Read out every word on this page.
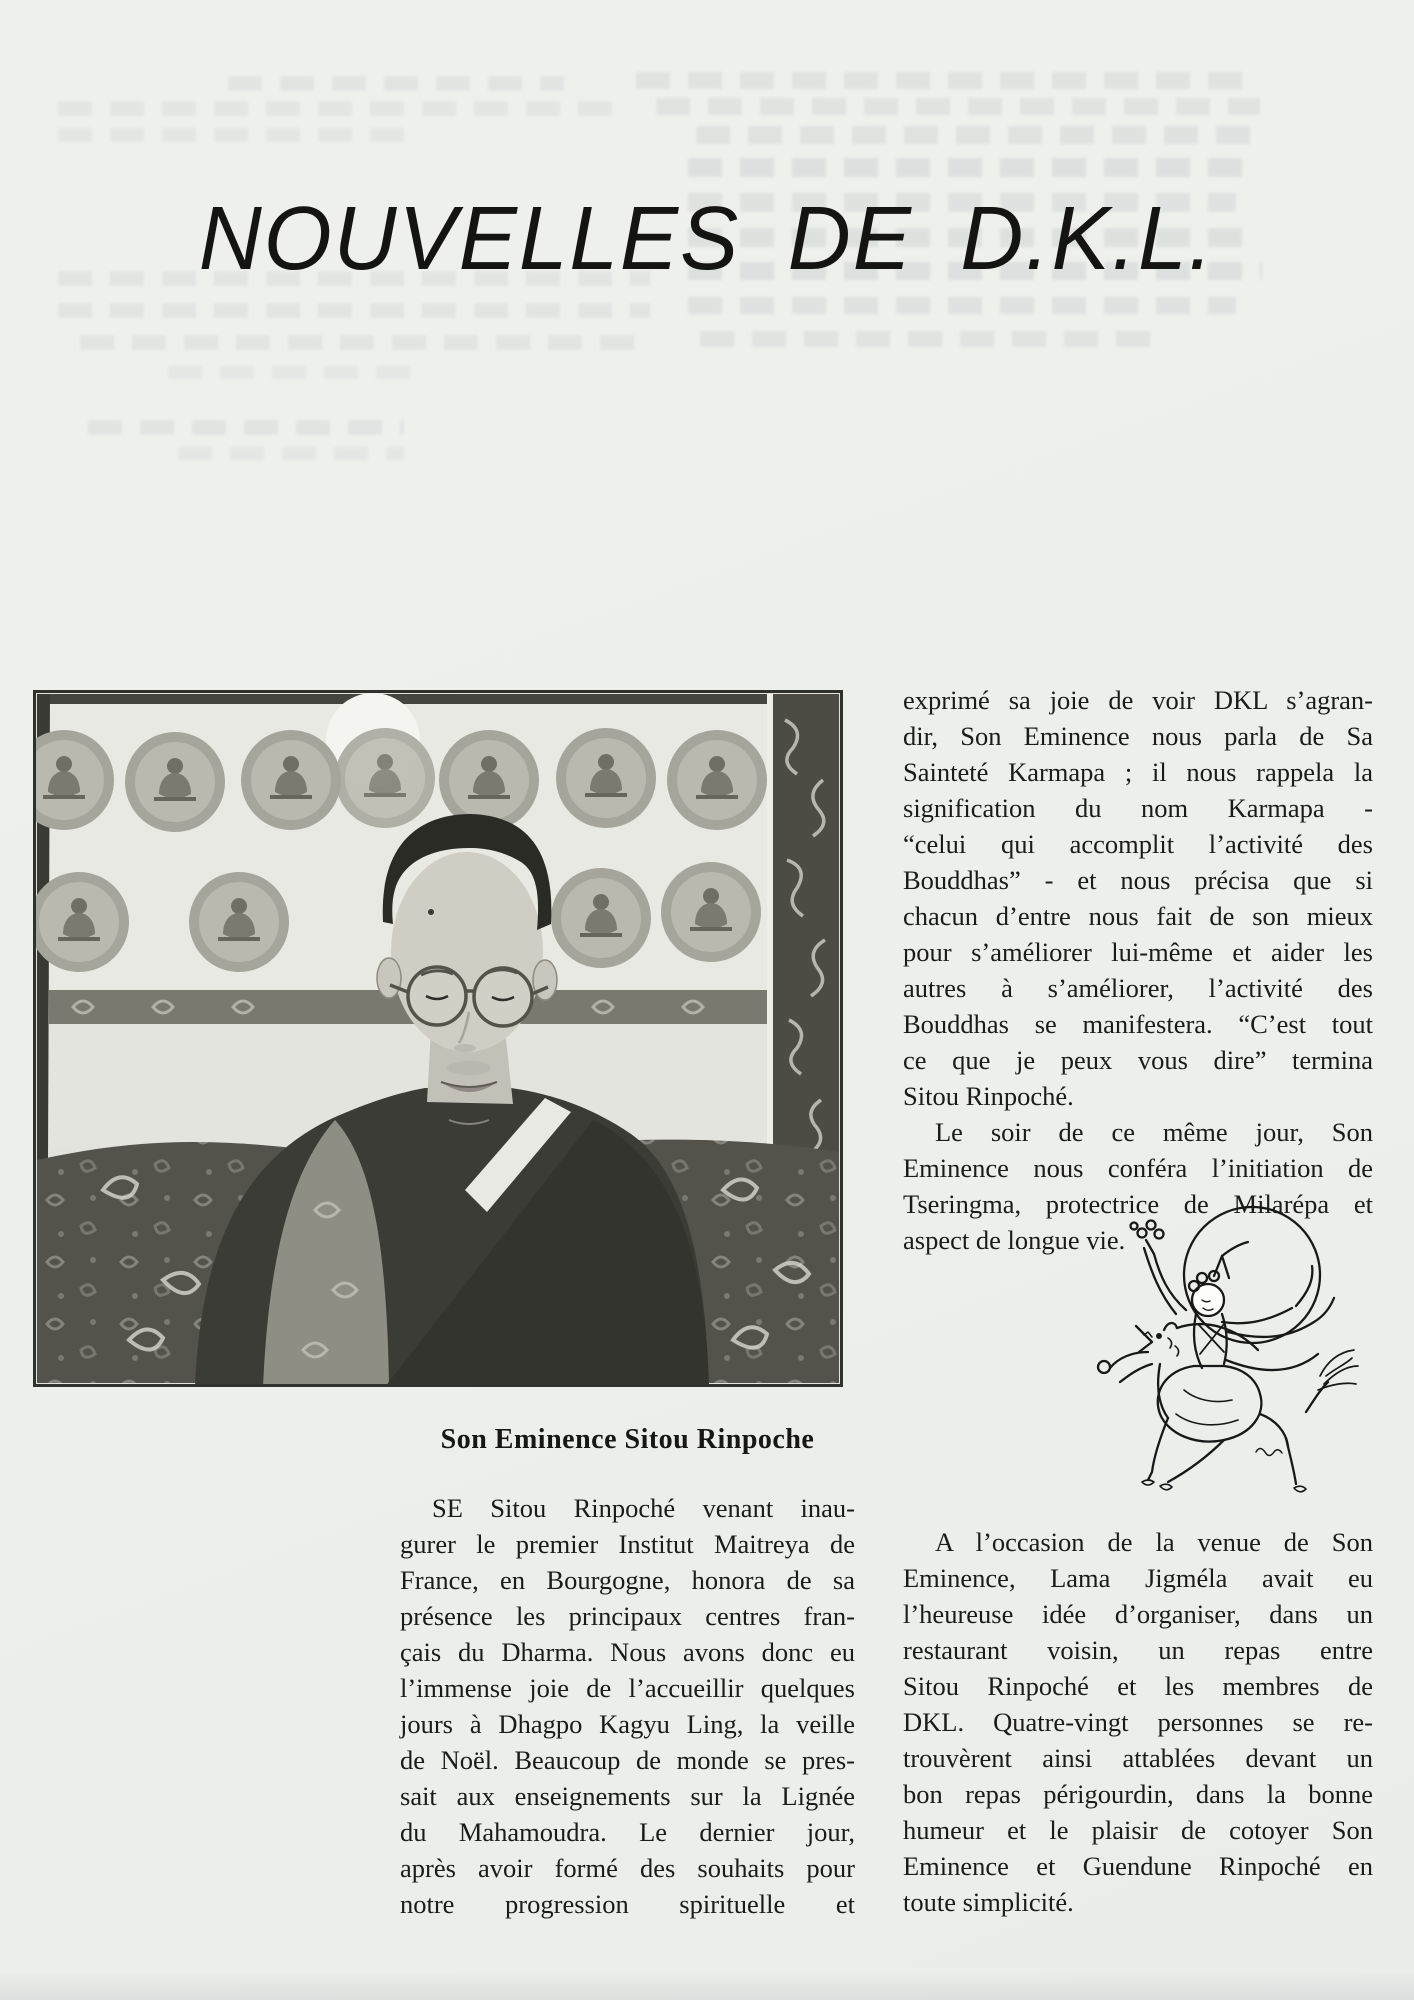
NOUVELLES DE D.K.L.
Son Eminence Sitou Rinpoche
SE Sitou Rinpoché venant inau-
gurer le premier Institut Maitreya de
France, en Bourgogne, honora de sa
présence les principaux centres fran-
çais du Dharma. Nous avons donc eu
l’immense joie de l’accueillir quelques
jours à Dhagpo Kagyu Ling, la veille
de Noël. Beaucoup de monde se pres-
sait aux enseignements sur la Lignée
du Mahamoudra. Le dernier jour,
après avoir formé des souhaits pour
notre progression spirituelle et
exprimé sa joie de voir DKL s’agran-
dir, Son Eminence nous parla de Sa
Sainteté Karmapa ; il nous rappela la
signification du nom Karmapa -
“celui qui accomplit l’activité des
Bouddhas” - et nous précisa que si
chacun d’entre nous fait de son mieux
pour s’améliorer lui-même et aider les
autres à s’améliorer, l’activité des
Bouddhas se manifestera. “C’est tout
ce que je peux vous dire” termina
Sitou Rinpoché.
Le soir de ce même jour, Son
Eminence nous conféra l’initiation de
Tseringma, protectrice de Milarépa et
aspect de longue vie.
A l’occasion de la venue de Son
Eminence, Lama Jigméla avait eu
l’heureuse idée d’organiser, dans un
restaurant voisin, un repas entre
Sitou Rinpoché et les membres de
DKL. Quatre-vingt personnes se re-
trouvèrent ainsi attablées devant un
bon repas périgourdin, dans la bonne
humeur et le plaisir de cotoyer Son
Eminence et Guendune Rinpoché en
toute simplicité.
